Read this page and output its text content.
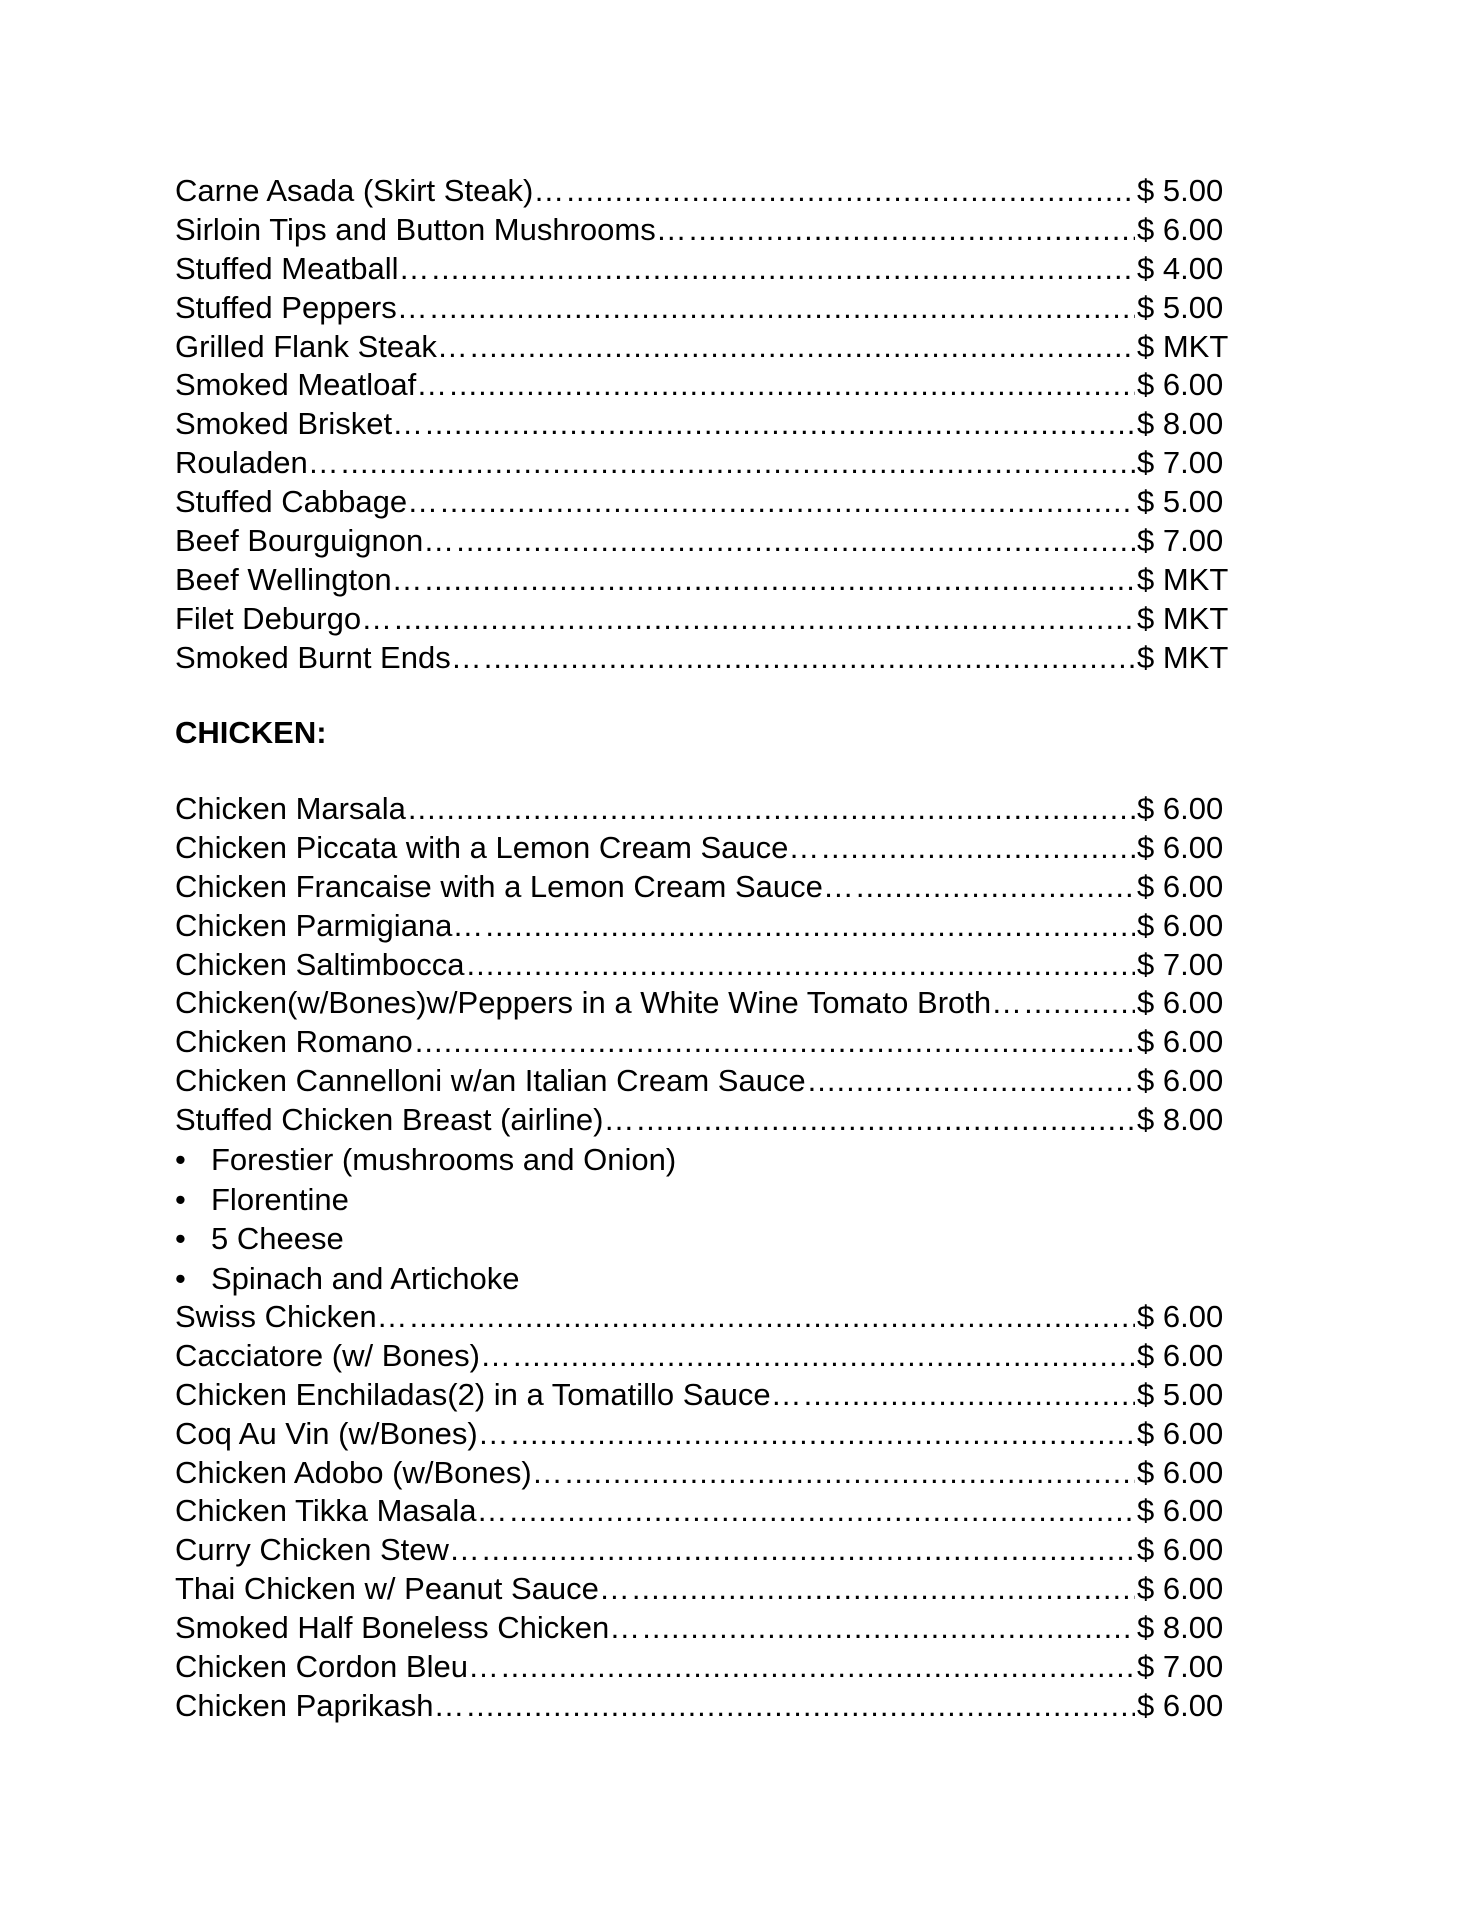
Carne Asada (Skirt Steak)… .....	$ 5.00
Sirloin Tips and Button Mushrooms… .....	$ 6.00
Stuffed Meatball… .....	$ 4.00
Stuffed Peppers… .....	$ 5.00
Grilled Flank Steak… .....	$ MKT
Smoked Meatloaf… .....	$ 6.00
Smoked Brisket… .....	$ 8.00
Rouladen… .....	$ 7.00
Stuffed Cabbage… .....	$ 5.00
Beef Bourguignon… .....	$ 7.00
Beef Wellington… .....	$ MKT
Filet Deburgo… .....	$ MKT
Smoked Burnt Ends… .....	$ MKT
CHICKEN:
Chicken Marsala .....	$ 6.00
Chicken Piccata with a Lemon Cream Sauce… .....	$ 6.00
Chicken Francaise with a Lemon Cream Sauce… .....	$ 6.00
Chicken Parmigiana… .....	$ 6.00
Chicken Saltimbocca .....	$ 7.00
Chicken(w/Bones)w/Peppers in a White Wine Tomato Broth… .....	$ 6.00
Chicken Romano .....	$ 6.00
Chicken Cannelloni w/an Italian Cream Sauce .....	$ 6.00
Stuffed Chicken Breast (airline)… .....	$ 8.00
• Forestier (mushrooms and Onion)
• Florentine
• 5 Cheese
• Spinach and Artichoke
Swiss Chicken… .....	$ 6.00
Cacciatore (w/ Bones)… .....	$ 6.00
Chicken Enchiladas(2) in a Tomatillo Sauce… .....	$ 5.00
Coq Au Vin (w/Bones)… .....	$ 6.00
Chicken Adobo (w/Bones)… .....	$ 6.00
Chicken Tikka Masala… .....	$ 6.00
Curry Chicken Stew… .....	$ 6.00
Thai Chicken w/ Peanut Sauce… .....	$ 6.00
Smoked Half Boneless Chicken… .....	$ 8.00
Chicken Cordon Bleu… .....	$ 7.00
Chicken Paprikash… .....	$ 6.00
